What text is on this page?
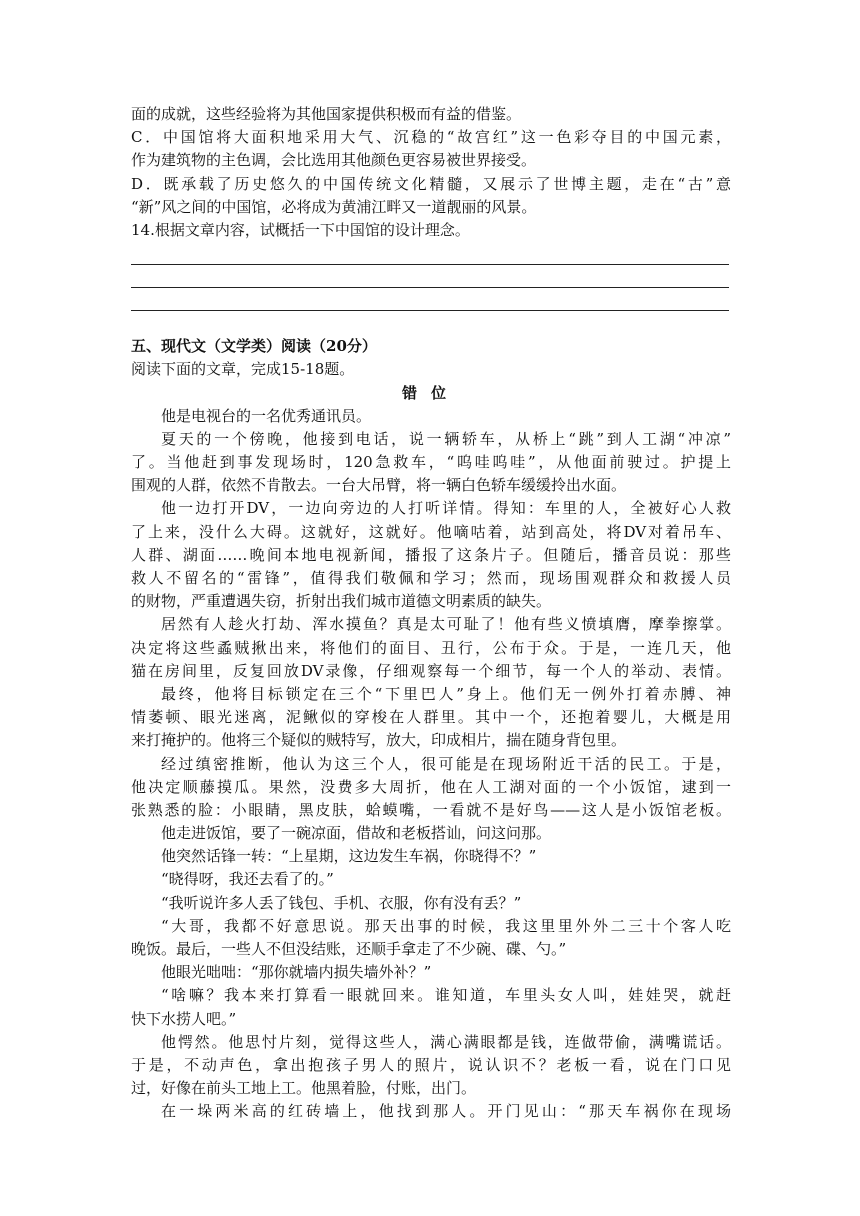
面的成就，这些经验将为其他国家提供积极而有益的借鉴。
C．中国馆将大面积地采用大气、沉稳的“故宫红”这一色彩夺目的中国元素，
作为建筑物的主色调，会比选用其他颜色更容易被世界接受。
D．既承载了历史悠久的中国传统文化精髓，又展示了世博主题，走在“古”意
“新”风之间的中国馆，必将成为黄浦江畔又一道靓丽的风景。
14.根据文章内容，试概括一下中国馆的设计理念。
五、现代文（文学类）阅读（20分）
阅读下面的文章，完成15-18题。
错位
他是电视台的一名优秀通讯员。
夏天的一个傍晚，他接到电话，说一辆轿车，从桥上“跳”到人工湖“冲凉”
了。当他赶到事发现场时，120急救车，“呜哇呜哇”，从他面前驶过。护提上
围观的人群，依然不肯散去。一台大吊臂，将一辆白色轿车缓缓拎出水面。
他一边打开DV，一边向旁边的人打听详情。得知：车里的人，全被好心人救
了上来，没什么大碍。这就好，这就好。他嘀咕着，站到高处，将DV对着吊车、
人群、湖面……晚间本地电视新闻，播报了这条片子。但随后，播音员说：那些
救人不留名的“雷锋”，值得我们敬佩和学习；然而，现场围观群众和救援人员
的财物，严重遭遇失窃，折射出我们城市道德文明素质的缺失。
居然有人趁火打劫、浑水摸鱼？真是太可耻了！他有些义愤填膺，摩拳擦掌。
决定将这些蟊贼揪出来，将他们的面目、丑行，公布于众。于是，一连几天，他
猫在房间里，反复回放DV录像，仔细观察每一个细节，每一个人的举动、表情。
最终，他将目标锁定在三个“下里巴人”身上。他们无一例外打着赤膊、神
情萎顿、眼光迷离，泥鳅似的穿梭在人群里。其中一个，还抱着婴儿，大概是用
来打掩护的。他将三个疑似的贼特写，放大，印成相片，揣在随身背包里。
经过缜密推断，他认为这三个人，很可能是在现场附近干活的民工。于是，
他决定顺藤摸瓜。果然，没费多大周折，他在人工湖对面的一个小饭馆，逮到一
张熟悉的脸：小眼睛，黑皮肤，蛤蟆嘴，一看就不是好鸟——这人是小饭馆老板。
他走进饭馆，要了一碗凉面，借故和老板搭讪，问这问那。
他突然话锋一转：“上星期，这边发生车祸，你晓得不？”
“晓得呀，我还去看了的。”
“我听说许多人丢了钱包、手机、衣服，你有没有丢？”
“大哥，我都不好意思说。那天出事的时候，我这里里外外二三十个客人吃
晚饭。最后，一些人不但没结账，还顺手拿走了不少碗、碟、勺。”
他眼光咄咄：“那你就墙内损失墙外补？”
“啥嘛？我本来打算看一眼就回来。谁知道，车里头女人叫，娃娃哭，就赶
快下水捞人吧。”
他愕然。他思忖片刻，觉得这些人，满心满眼都是钱，连做带偷，满嘴谎话。
于是，不动声色，拿出抱孩子男人的照片，说认识不？老板一看，说在门口见
过，好像在前头工地上工。他黑着脸，付账，出门。
在一垛两米高的红砖墙上，他找到那人。开门见山：“那天车祸你在现场
